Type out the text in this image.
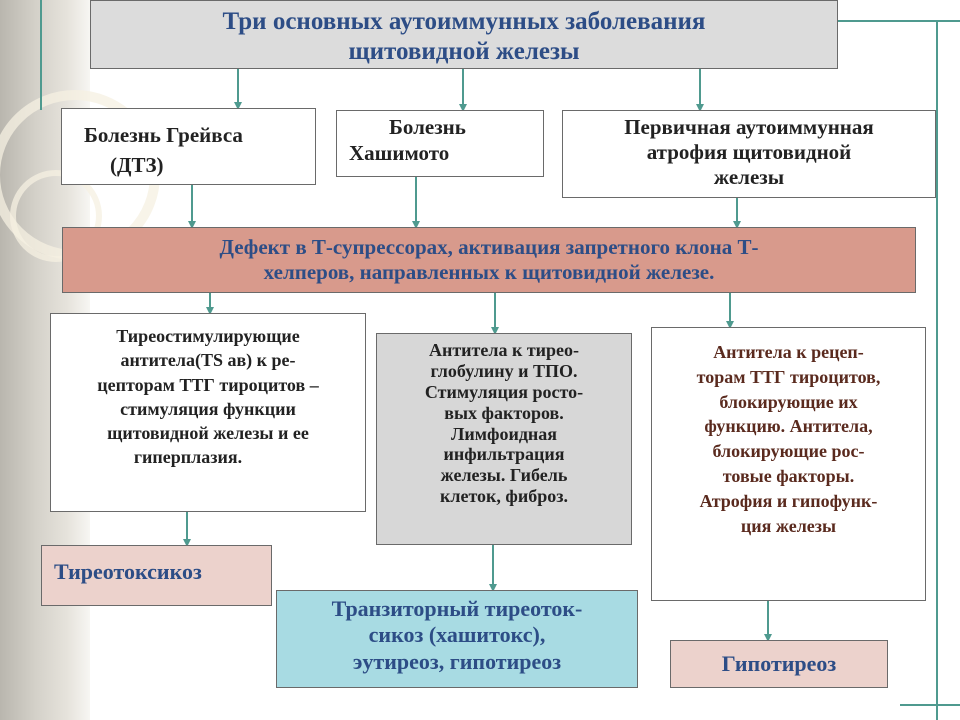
Три основных аутоиммунных заболевания
щитовидной железы
Болезнь Грейвса
(ДТЗ)
Болезнь
Хашимото
Первичная аутоиммунная
атрофия щитовидной
железы
Дефект в Т-супрессорах, активация запретного клона Т-
хелперов, направленных к щитовидной железе.
Тиреостимулирующие
антитела(TS ав) к ре-
цепторам ТТГ тироцитов –
стимуляция функции
щитовидной железы и ее
гиперплазия.
Антитела к тирео-
глобулину и ТПО.
Стимуляция росто-
вых факторов.
Лимфоидная
инфильтрация
железы. Гибель
клеток, фиброз.
Антитела к рецеп-
торам ТТГ тироцитов,
блокирующие их
функцию. Антитела,
блокирующие рос-
товые факторы.
Атрофия и гипофунк-
ция железы
Тиреотоксикоз
Транзиторный тиреоток-
сикоз (хашитокс),
эутиреоз, гипотиреоз	Гипотиреоз
